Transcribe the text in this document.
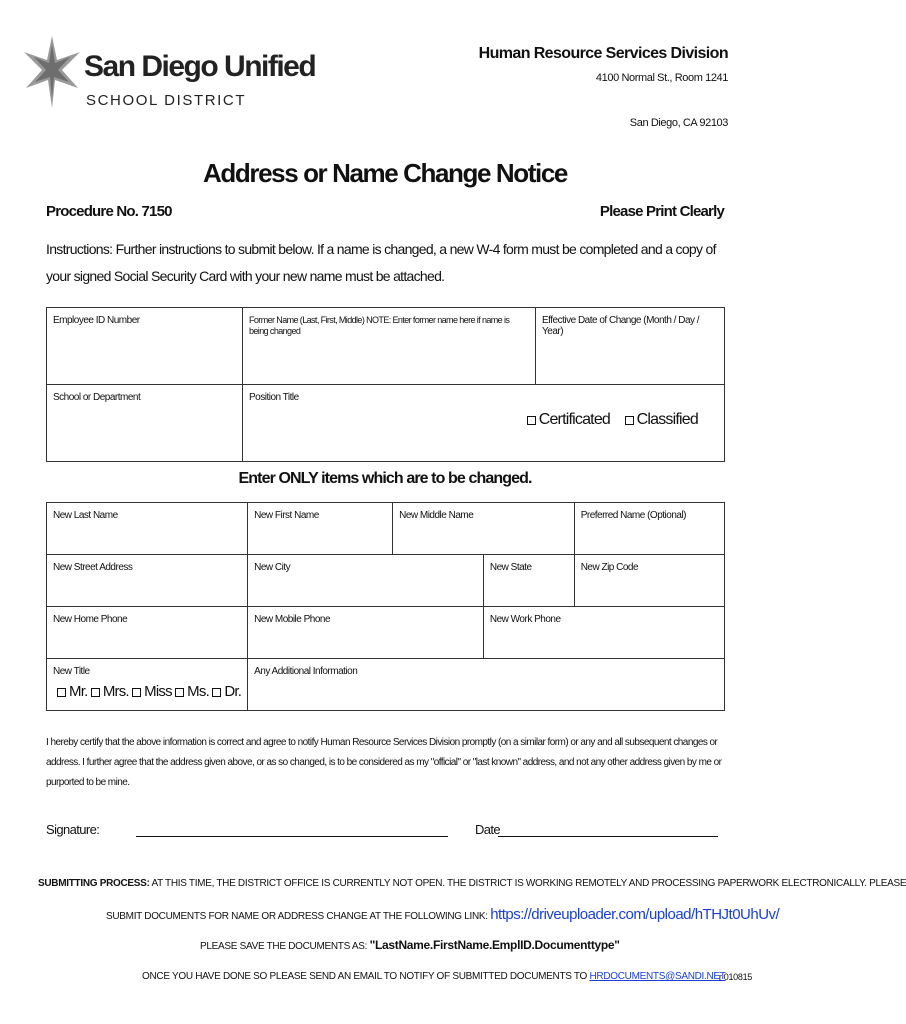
San Diego Unified
SCHOOL DISTRICT
Human Resource Services Division
4100 Normal St., Room 1241
San Diego, CA 92103
Address or Name Change Notice
Procedure No. 7150	Please Print Clearly
Instructions: Further instructions to submit below. If a name is changed, a new W-4 form must be completed and a copy of your signed Social Security Card with your new name must be attached.
Employee ID Number	Former Name (Last, First, Middle) NOTE: Enter former name here if name is being changed	Effective Date of Change (Month / Day / Year)
School or Department	Position Title
Certificated Classified	
Enter ONLY items which are to be changed.
New Last Name	New First Name	New Middle Name		Preferred Name (Optional)
New Street Address	New City		New State	New Zip Code
New Home Phone	New Mobile Phone		New Work Phone	

New Title
Mr. Mrs. Miss Ms. Dr.	Any Additional Information			
I hereby certify that the above information is correct and agree to notify Human Resource Services Division promptly (on a similar form) or any and all subsequent changes or address. I further agree that the address given above, or as so changed, is to be considered as my "official" or "last known" address, and not any other address given by me or purported to be mine.
Signature:	Date
SUBMITTING PROCESS: AT THIS TIME, THE DISTRICT OFFICE IS CURRENTLY NOT OPEN. THE DISTRICT IS WORKING REMOTELY AND PROCESSING PAPERWORK ELECTRONICALLY. PLEASE
SUBMIT DOCUMENTS FOR NAME OR ADDRESS CHANGE AT THE FOLLOWING LINK: https://driveuploader.com/upload/hTHJt0UhUv/
PLEASE SAVE THE DOCUMENTS AS: "LastName.FirstName.EmplID.Documenttype"
ONCE YOU HAVE DONE SO PLEASE SEND AN EMAIL TO NOTIFY OF SUBMITTED DOCUMENTS TO HRDOCUMENTS@SANDI.NET
r 010815
